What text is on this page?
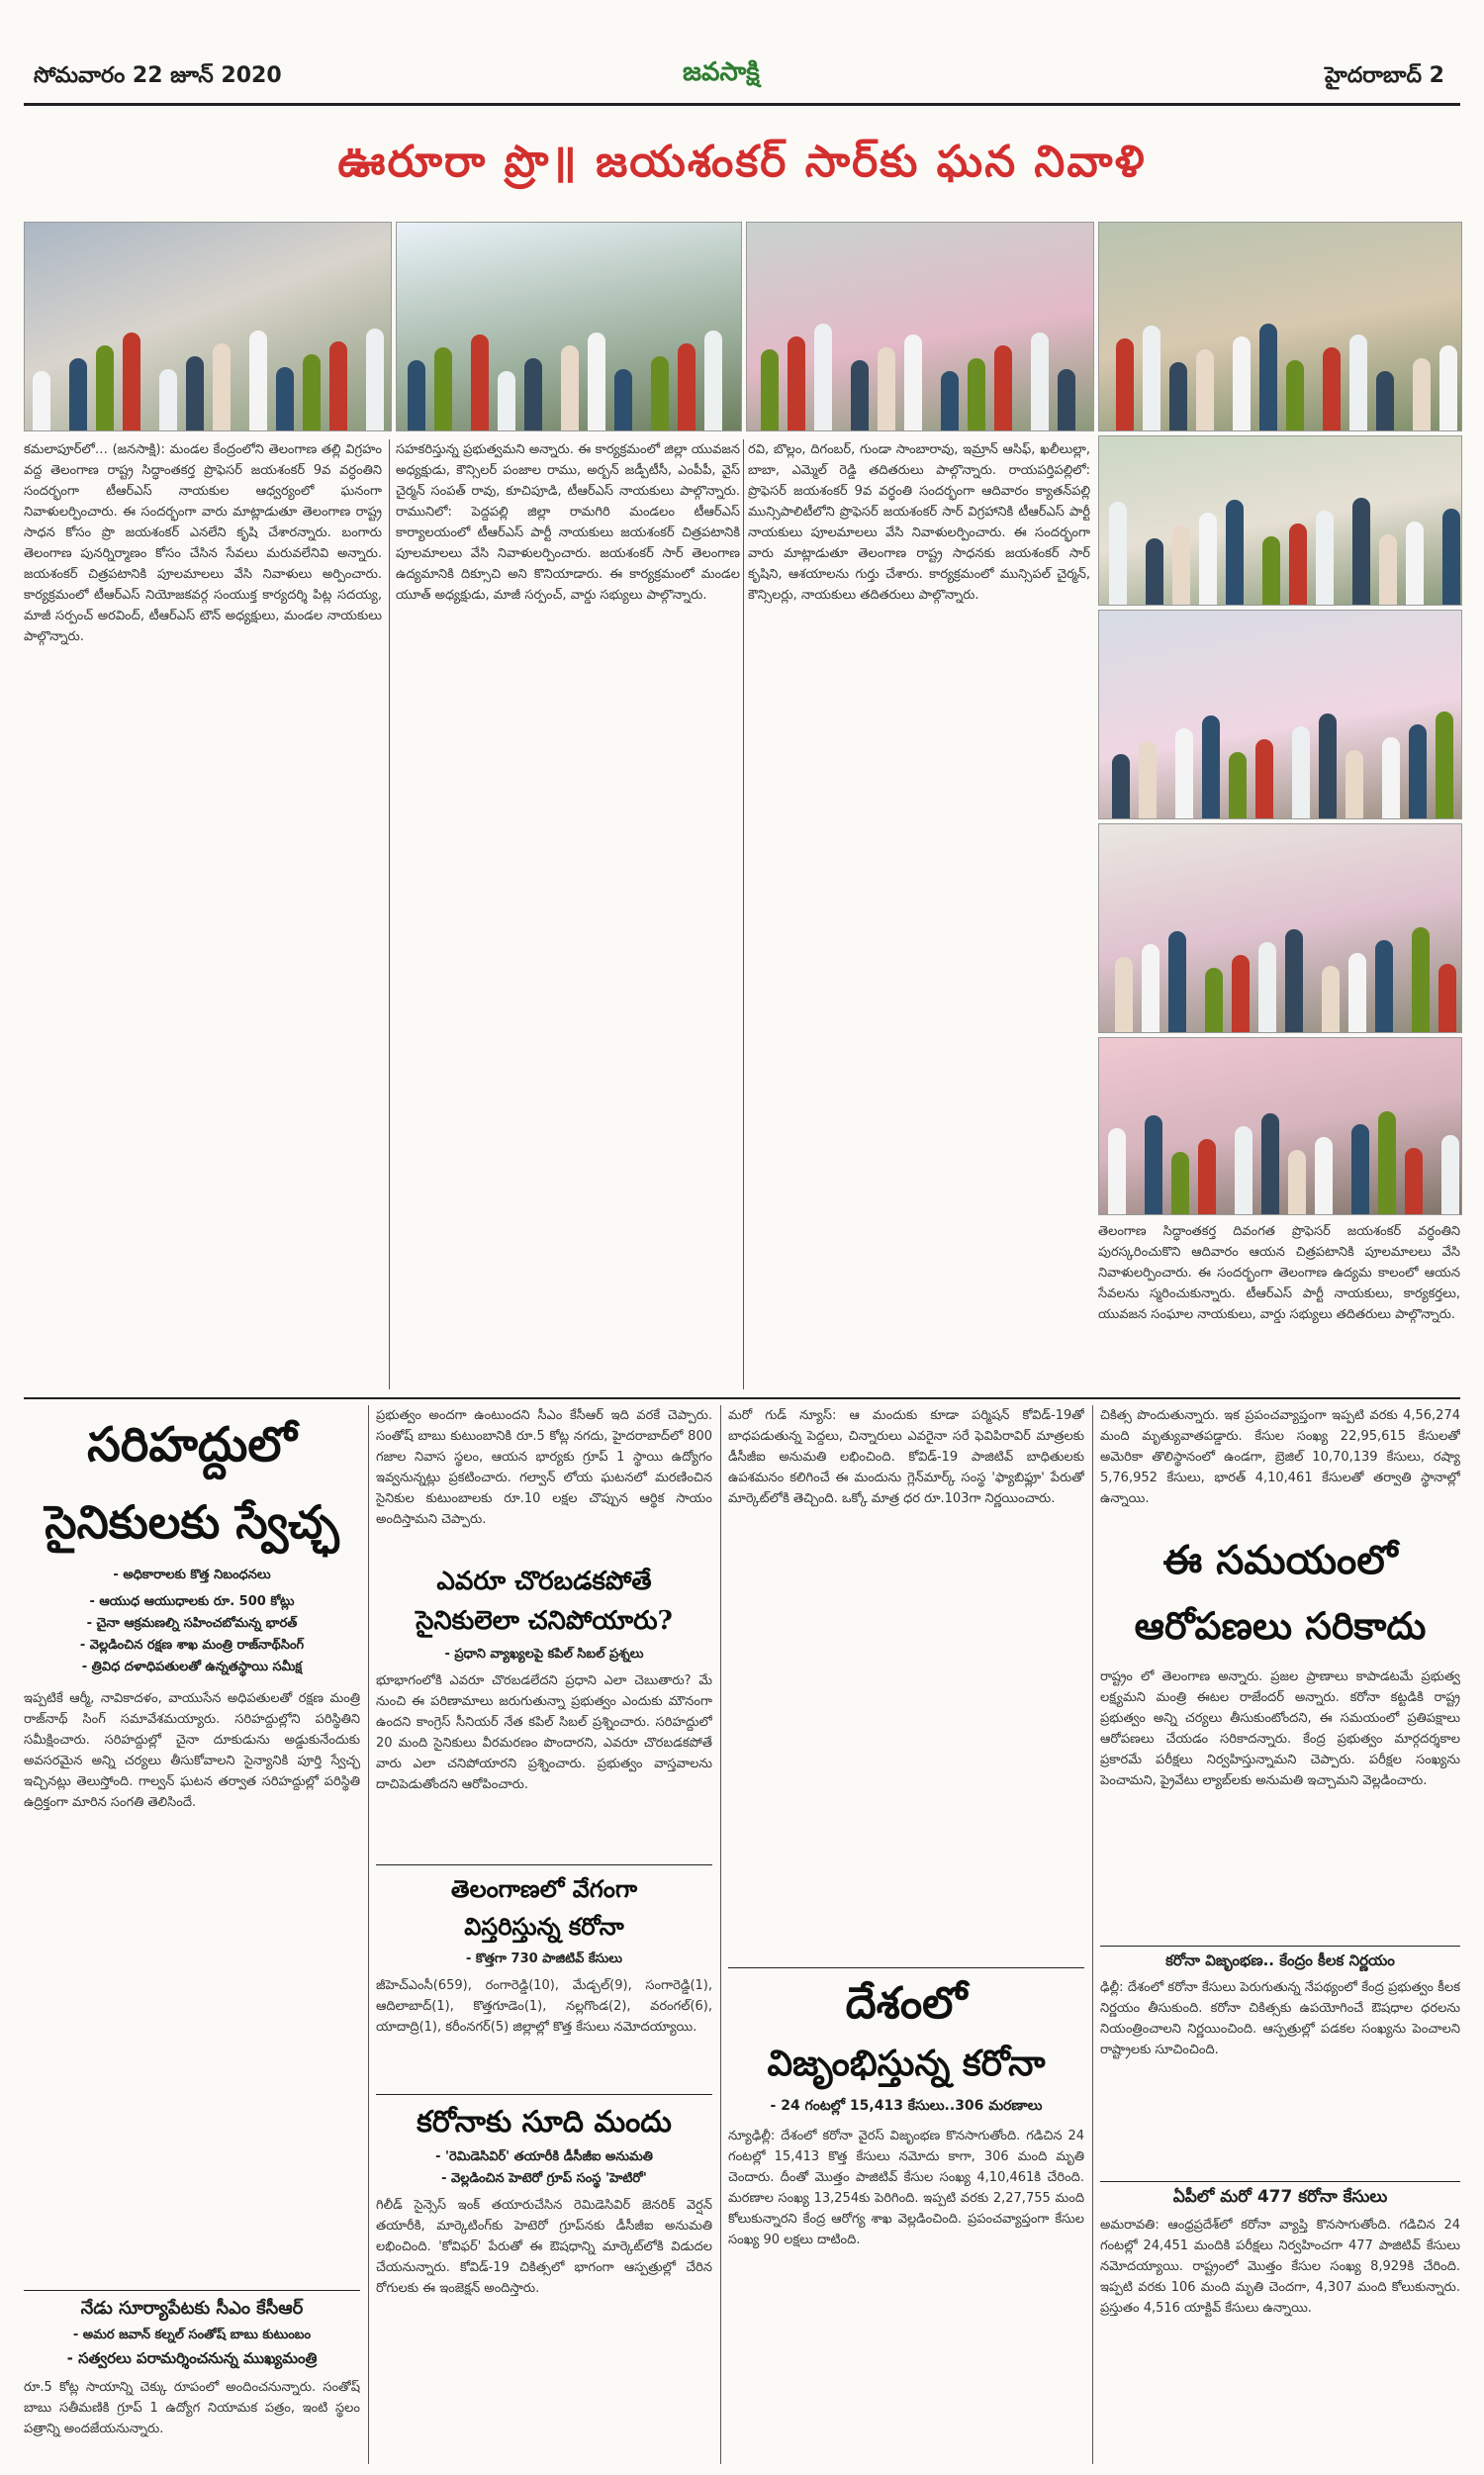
సోమవారం 22 జూన్ 2020	జవసాక్షి	హైదరాబాద్ 2
ఊరూరా ప్రొ॥ జయశంకర్ సార్‌కు ఘన నివాళి
కమలాపూర్‌లో… (జనసాక్షి): మండల కేంద్రంలోని తెలంగాణ తల్లి విగ్రహం వద్ద తెలంగాణ రాష్ట్ర సిద్ధాంతకర్త ప్రొఫెసర్ జయశంకర్ 9వ వర్ధంతిని సందర్భంగా టీఆర్ఎస్ నాయకుల ఆధ్వర్యంలో ఘనంగా నివాళులర్పించారు. ఈ సందర్భంగా వారు మాట్లాడుతూ తెలంగాణ రాష్ట్ర సాధన కోసం ప్రొ జయశంకర్ ఎనలేని కృషి చేశారన్నారు. బంగారు తెలంగాణ పునర్నిర్మాణం కోసం చేసిన సేవలు మరువలేనివి అన్నారు. జయశంకర్ చిత్రపటానికి పూలమాలలు వేసి నివాళులు అర్పించారు. కార్యక్రమంలో టీఆర్ఎస్ నియోజకవర్గ సంయుక్త కార్యదర్శి పిట్ల సదయ్య, మాజీ సర్పంచ్ అరవింద్, టీఆర్ఎస్ టౌన్ అధ్యక్షులు, మండల నాయకులు పాల్గొన్నారు.
సహకరిస్తున్న ప్రభుత్వమని అన్నారు. ఈ కార్యక్రమంలో జిల్లా యువజన అధ్యక్షుడు, కౌన్సిలర్ పంజాల రాము, అర్బన్ జడ్పీటీసీ, ఎంపీపీ, వైస్ చైర్మన్ సంపత్ రావు, కూచిపూడి, టీఆర్ఎస్ నాయకులు పాల్గొన్నారు. రామునిలో: పెద్దపల్లి జిల్లా రామగిరి మండలం టీఆర్ఎస్ కార్యాలయంలో టీఆర్ఎస్ పార్టీ నాయకులు జయశంకర్ చిత్రపటానికి పూలమాలలు వేసి నివాళులర్పించారు. జయశంకర్ సార్ తెలంగాణ ఉద్యమానికి దిక్సూచి అని కొనియాడారు. ఈ కార్యక్రమంలో మండల యూత్ అధ్యక్షుడు, మాజీ సర్పంచ్, వార్డు సభ్యులు పాల్గొన్నారు.
రవి, బొల్లం, దిగంబర్, గుండా సాంబారావు, ఇమ్రాన్ ఆసిఫ్, ఖలీలుల్లా, బాబా, ఎమ్మెల్ రెడ్డి తదితరులు పాల్గొన్నారు. రాయపర్తిపల్లిలో: ప్రొఫెసర్ జయశంకర్ 9వ వర్ధంతి సందర్భంగా ఆదివారం క్యాతన్‌పల్లి మున్సిపాలిటీలోని ప్రొఫెసర్ జయశంకర్ సార్ విగ్రహానికి టీఆర్ఎస్ పార్టీ నాయకులు పూలమాలలు వేసి నివాళులర్పించారు. ఈ సందర్భంగా వారు మాట్లాడుతూ తెలంగాణ రాష్ట్ర సాధనకు జయశంకర్ సార్ కృషిని, ఆశయాలను గుర్తు చేశారు. కార్యక్రమంలో మున్సిపల్ చైర్మన్, కౌన్సిలర్లు, నాయకులు తదితరులు పాల్గొన్నారు.
తెలంగాణ సిద్ధాంతకర్త దివంగత ప్రొఫెసర్ జయశంకర్ వర్ధంతిని పురస్కరించుకొని ఆదివారం ఆయన చిత్రపటానికి పూలమాలలు వేసి నివాళులర్పించారు. ఈ సందర్భంగా తెలంగాణ ఉద్యమ కాలంలో ఆయన సేవలను స్మరించుకున్నారు. టీఆర్ఎస్ పార్టీ నాయకులు, కార్యకర్తలు, యువజన సంఘాల నాయకులు, వార్డు సభ్యులు తదితరులు పాల్గొన్నారు.
సరిహద్దులో
సైనికులకు స్వేచ్ఛ
- అధికారాలకు కొత్త నిబంధనలు
- ఆయుధ ఆయుధాలకు రూ. 500 కోట్లు
- చైనా ఆక్రమణల్ని సహించబోమన్న భారత్
- వెల్లడించిన రక్షణ శాఖ మంత్రి రాజ్‌నాథ్‌సింగ్
- త్రివిధ దళాధిపతులతో ఉన్నతస్థాయి సమీక్ష
ఇప్పటికే ఆర్మీ, నావికాదళం, వాయుసేన అధిపతులతో రక్షణ మంత్రి రాజ్‌నాథ్ సింగ్ సమావేశమయ్యారు. సరిహద్దుల్లోని పరిస్థితిని సమీక్షించారు. సరిహద్దుల్లో చైనా దూకుడును అడ్డుకునేందుకు అవసరమైన అన్ని చర్యలు తీసుకోవాలని సైన్యానికి పూర్తి స్వేచ్ఛ ఇచ్చినట్లు తెలుస్తోంది. గాల్వన్ ఘటన తర్వాత సరిహద్దుల్లో పరిస్థితి ఉద్రిక్తంగా మారిన సంగతి తెలిసిందే.
నేడు సూర్యాపేటకు సీఎం కేసీఆర్
- అమర జవాన్ కల్నల్ సంతోష్ బాబు కుటుంబం
- సత్వరలు పరామర్శించనున్న ముఖ్యమంత్రి
రూ.5 కోట్ల సాయాన్ని చెక్కు రూపంలో అందించనున్నారు. సంతోష్ బాబు సతీమణికి గ్రూప్ 1 ఉద్యోగ నియామక పత్రం, ఇంటి స్థలం పత్రాన్ని అందజేయనున్నారు.
ప్రభుత్వం అందగా ఉంటుందని సీఎం కేసీఆర్ ఇది వరకే చెప్పారు. సంతోష్ బాబు కుటుంబానికి రూ.5 కోట్ల నగదు, హైదరాబాద్‌లో 800 గజాల నివాస స్థలం, ఆయన భార్యకు గ్రూప్ 1 స్థాయి ఉద్యోగం ఇవ్వనున్నట్లు ప్రకటించారు. గల్వాన్ లోయ ఘటనలో మరణించిన సైనికుల కుటుంబాలకు రూ.10 లక్షల చొప్పున ఆర్థిక సాయం అందిస్తామని చెప్పారు.
ఎవరూ చొరబడకపోతే
సైనికులెలా చనిపోయారు?
- ప్రధాని వ్యాఖ్యలపై కపిల్ సిబల్ ప్రశ్నలు
భూభాగంలోకి ఎవరూ చొరబడలేదని ప్రధాని ఎలా చెబుతారు? మే నుంచి ఈ పరిణామాలు జరుగుతున్నా ప్రభుత్వం ఎందుకు మౌనంగా ఉందని కాంగ్రెస్ సీనియర్ నేత కపిల్ సిబల్ ప్రశ్నించారు. సరిహద్దులో 20 మంది సైనికులు వీరమరణం పొందారని, ఎవరూ చొరబడకపోతే వారు ఎలా చనిపోయారని ప్రశ్నించారు. ప్రభుత్వం వాస్తవాలను దాచిపెడుతోందని ఆరోపించారు.
తెలంగాణలో వేగంగా
విస్తరిస్తున్న కరోనా
- కొత్తగా 730 పాజిటివ్ కేసులు
జీహెచ్ఎంసీ(659), రంగారెడ్డి(10), మేడ్చల్(9), సంగారెడ్డి(1), ఆదిలాబాద్(1), కొత్తగూడెం(1), నల్లగొండ(2), వరంగల్(6), యాదాద్రి(1), కరీంనగర్(5) జిల్లాల్లో కొత్త కేసులు నమోదయ్యాయి.
కరోనాకు సూది మందు
- 'రెమిడెసివిర్' తయారీకి డీసీజీఐ అనుమతి
- వెల్లడించిన హెటెరో గ్రూప్ సంస్థ 'హెటిరో'
గిలీడ్ సైన్సెస్ ఇంక్ తయారుచేసిన రెమిడెసివిర్ జెనరిక్ వెర్షన్ తయారీకి, మార్కెటింగ్‌కు హెటెరో గ్రూప్‌నకు డీసీజీఐ అనుమతి లభించింది. 'కోవిఫర్' పేరుతో ఈ ఔషధాన్ని మార్కెట్‌లోకి విడుదల చేయనున్నారు. కోవిడ్-19 చికిత్సలో భాగంగా ఆస్పత్రుల్లో చేరిన రోగులకు ఈ ఇంజెక్షన్ అందిస్తారు.
మరో గుడ్ న్యూస్: ఆ మందుకు కూడా పర్మిషన్ కోవిడ్-19తో బాధపడుతున్న పెద్దలు, చిన్నారులు ఎవరైనా సరే ఫెవిపిరావిర్ మాత్రలకు డీసీజీఐ అనుమతి లభించింది. కోవిడ్-19 పాజిటివ్ బాధితులకు ఉపశమనం కలిగించే ఈ మందును గ్లెన్‌మార్క్ సంస్థ 'ఫ్యాబిఫ్లూ' పేరుతో మార్కెట్‌లోకి తెచ్చింది. ఒక్కో మాత్ర ధర రూ.103గా నిర్ణయించారు.
దేశంలో
విజృంభిస్తున్న కరోనా
- 24 గంటల్లో 15,413 కేసులు..306 మరణాలు
న్యూఢిల్లీ: దేశంలో కరోనా వైరస్ విజృంభణ కొనసాగుతోంది. గడిచిన 24 గంటల్లో 15,413 కొత్త కేసులు నమోదు కాగా, 306 మంది మృతి చెందారు. దీంతో మొత్తం పాజిటివ్ కేసుల సంఖ్య 4,10,461కి చేరింది. మరణాల సంఖ్య 13,254కు పెరిగింది. ఇప్పటి వరకు 2,27,755 మంది కోలుకున్నారని కేంద్ర ఆరోగ్య శాఖ వెల్లడించింది. ప్రపంచవ్యాప్తంగా కేసుల సంఖ్య 90 లక్షలు దాటింది.
చికిత్స పొందుతున్నారు. ఇక ప్రపంచవ్యాప్తంగా ఇప్పటి వరకు 4,56,274 మంది మృత్యువాతపడ్డారు. కేసుల సంఖ్య 22,95,615 కేసులతో అమెరికా తొలిస్థానంలో ఉండగా, బ్రెజిల్ 10,70,139 కేసులు, రష్యా 5,76,952 కేసులు, భారత్ 4,10,461 కేసులతో తర్వాతి స్థానాల్లో ఉన్నాయి.
ఈ సమయంలో
ఆరోపణలు సరికాదు
రాష్ట్రం లో తెలంగాణ అన్నారు. ప్రజల ప్రాణాలు కాపాడటమే ప్రభుత్వ లక్ష్యమని మంత్రి ఈటల రాజేందర్ అన్నారు. కరోనా కట్టడికి రాష్ట్ర ప్రభుత్వం అన్ని చర్యలు తీసుకుంటోందని, ఈ సమయంలో ప్రతిపక్షాలు ఆరోపణలు చేయడం సరికాదన్నారు. కేంద్ర ప్రభుత్వం మార్గదర్శకాల ప్రకారమే పరీక్షలు నిర్వహిస్తున్నామని చెప్పారు. పరీక్షల సంఖ్యను పెంచామని, ప్రైవేటు ల్యాబ్‌లకు అనుమతి ఇచ్చామని వెల్లడించారు.
కరోనా విజృంభణ.. కేంద్రం కీలక నిర్ణయం
ఢిల్లీ: దేశంలో కరోనా కేసులు పెరుగుతున్న నేపథ్యంలో కేంద్ర ప్రభుత్వం కీలక నిర్ణయం తీసుకుంది. కరోనా చికిత్సకు ఉపయోగించే ఔషధాల ధరలను నియంత్రించాలని నిర్ణయించింది. ఆస్పత్రుల్లో పడకల సంఖ్యను పెంచాలని రాష్ట్రాలకు సూచించింది.
ఏపీలో మరో 477 కరోనా కేసులు
అమరావతి: ఆంధ్రప్రదేశ్‌లో కరోనా వ్యాప్తి కొనసాగుతోంది. గడిచిన 24 గంటల్లో 24,451 మందికి పరీక్షలు నిర్వహించగా 477 పాజిటివ్ కేసులు నమోదయ్యాయి. రాష్ట్రంలో మొత్తం కేసుల సంఖ్య 8,929కి చేరింది. ఇప్పటి వరకు 106 మంది మృతి చెందగా, 4,307 మంది కోలుకున్నారు. ప్రస్తుతం 4,516 యాక్టివ్ కేసులు ఉన్నాయి.
